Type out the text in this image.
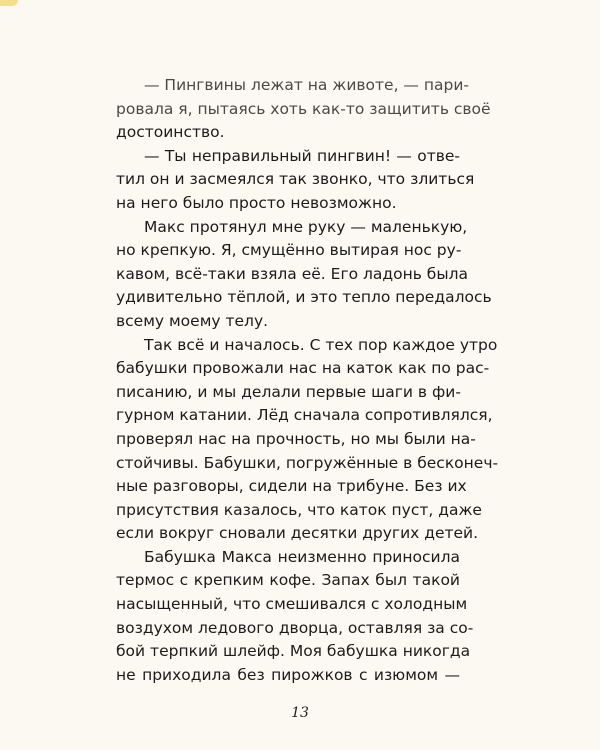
— Пингвины лежат на животе, — пари-
ровала я, пытаясь хоть как-то защитить своё
достоинство.

— Ты неправильный пингвин! — отве-
тил он и засмеялся так звонко, что злиться
на него было просто невозможно.

Макс протянул мне руку — маленькую,
но крепкую. Я, смущённо вытирая нос ру-
кавом, всё-таки взяла её. Его ладонь была
удивительно тёплой, и это тепло передалось
всему моему телу.

Так всё и началось. С тех пор каждое утро
бабушки провожали нас на каток как по рас-
писанию, и мы делали первые шаги в фи-
гурном катании. Лёд сначала сопротивлялся,
проверял нас на прочность, но мы были на-
стойчивы. Бабушки, погружённые в бесконеч-
ные разговоры, сидели на трибуне. Без их
присутствия казалось, что каток пуст, даже
если вокруг сновали десятки других детей.

Бабушка Макса неизменно приносила
термос с крепким кофе. Запах был такой
насыщенный, что смешивался с холодным
воздухом ледового дворца, оставляя за со-
бой терпкий шлейф. Моя бабушка никогда
не приходила без пирожков с изюмом —

13
